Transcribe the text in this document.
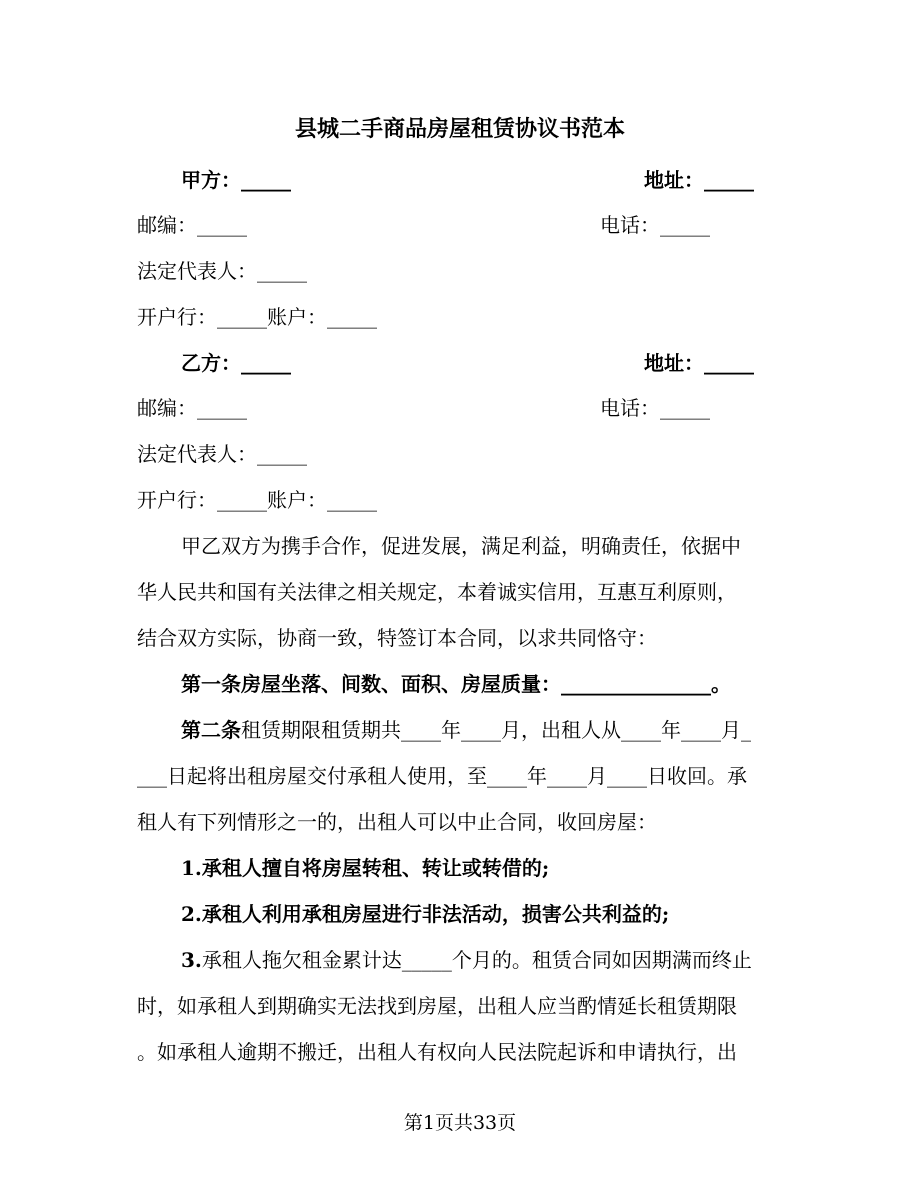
县城二手商品房屋租赁协议书范本
甲方：_____	地址：_____
邮编：_____	电话：_____
法定代表人：_____
开户行：_____账户：_____
乙方：_____	地址：_____
邮编：_____	电话：_____
法定代表人：_____
开户行：_____账户：_____
甲乙双方为携手合作，促进发展，满足利益，明确责任，依据中
华人民共和国有关法律之相关规定，本着诚实信用，互惠互利原则，
结合双方实际，协商一致，特签订本合同，以求共同恪守：
第一条房屋坐落、间数、面积、房屋质量：_______________。
第二条租赁期限租赁期共____年____月，出租人从____年____月_
___日起将出租房屋交付承租人使用，至____年____月____日收回。承
租人有下列情形之一的，出租人可以中止合同，收回房屋：
1.承租人擅自将房屋转租、转让或转借的;
2.承租人利用承租房屋进行非法活动，损害公共利益的;
3.承租人拖欠租金累计达_____个月的。租赁合同如因期满而终止
时，如承租人到期确实无法找到房屋，出租人应当酌情延长租赁期限
。如承租人逾期不搬迁，出租人有权向人民法院起诉和申请执行，出
第1页共33页
